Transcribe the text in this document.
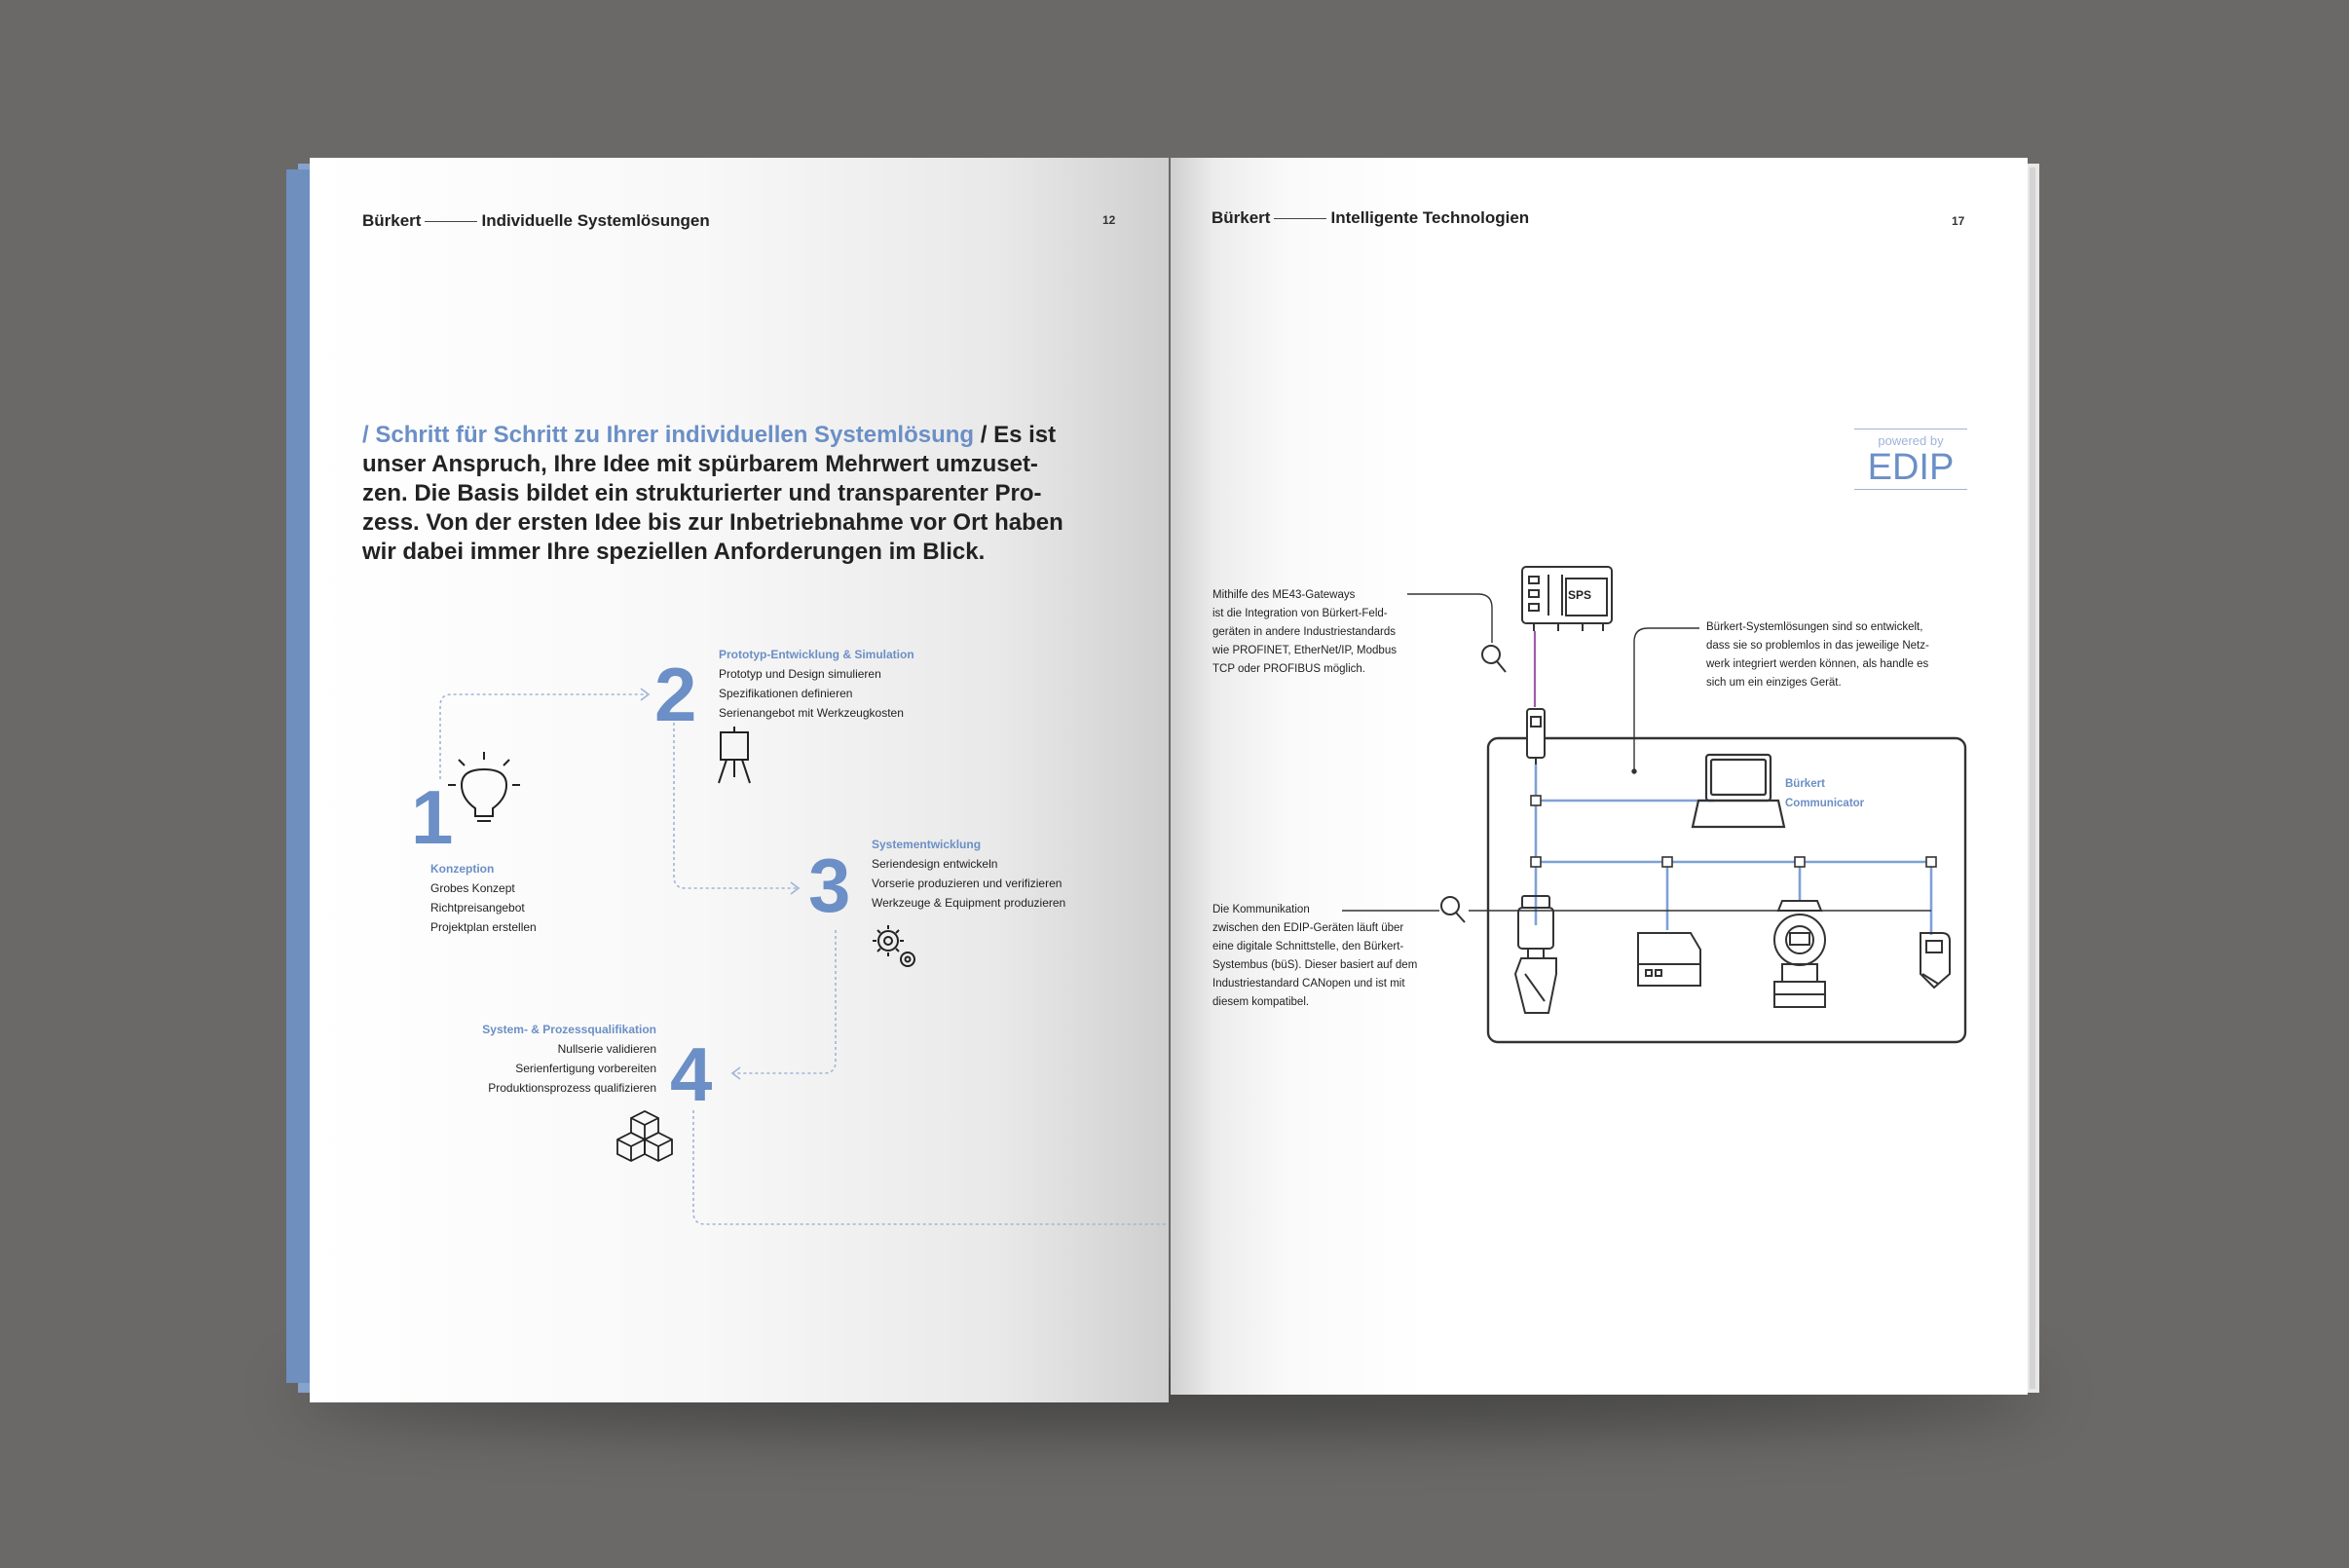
Bürkert	Individuelle Systemlösungen	12
/ Schritt für Schritt zu Ihrer individuellen Systemlösung / Es ist
unser Anspruch, Ihre Idee mit spürbarem Mehrwert umzuset-
zen. Die Basis bildet ein strukturierter und transparenter Pro-
zess. Von der ersten Idee bis zur Inbetriebnahme vor Ort haben
wir dabei immer Ihre speziellen Anforderungen im Blick.
1
Konzeption
Grobes Konzept
Richtpreisangebot
Projektplan erstellen
2 Prototyp-Entwicklung & Simulation
Prototyp und Design simulieren
Spezifikationen definieren
Serienangebot mit Werkzeugkosten
3 Systementwicklung
Seriendesign entwickeln
Vorserie produzieren und verifizieren
Werkzeuge & Equipment produzieren
4
System- & Prozessqualifikation
Nullserie validieren
Serienfertigung vorbereiten
Produktionsprozess qualifizieren
Bürkert	Intelligente Technologien	17
powered by
EDIP
SPS
Mithilfe des ME43-Gateways
ist die Integration von Bürkert-Feld-
geräten in andere Industriestandards
wie PROFINET, EtherNet/IP, Modbus
TCP oder PROFIBUS möglich.
Bürkert-Systemlösungen sind so entwickelt,
dass sie so problemlos in das jeweilige Netz-
werk integriert werden können, als handle es
sich um ein einziges Gerät.
Bürkert
Communicator
Die Kommunikation
zwischen den EDIP-Geräten läuft über
eine digitale Schnittstelle, den Bürkert-
Systembus (büS). Dieser basiert auf dem
Industriestandard CANopen und ist mit
diesem kompatibel.
